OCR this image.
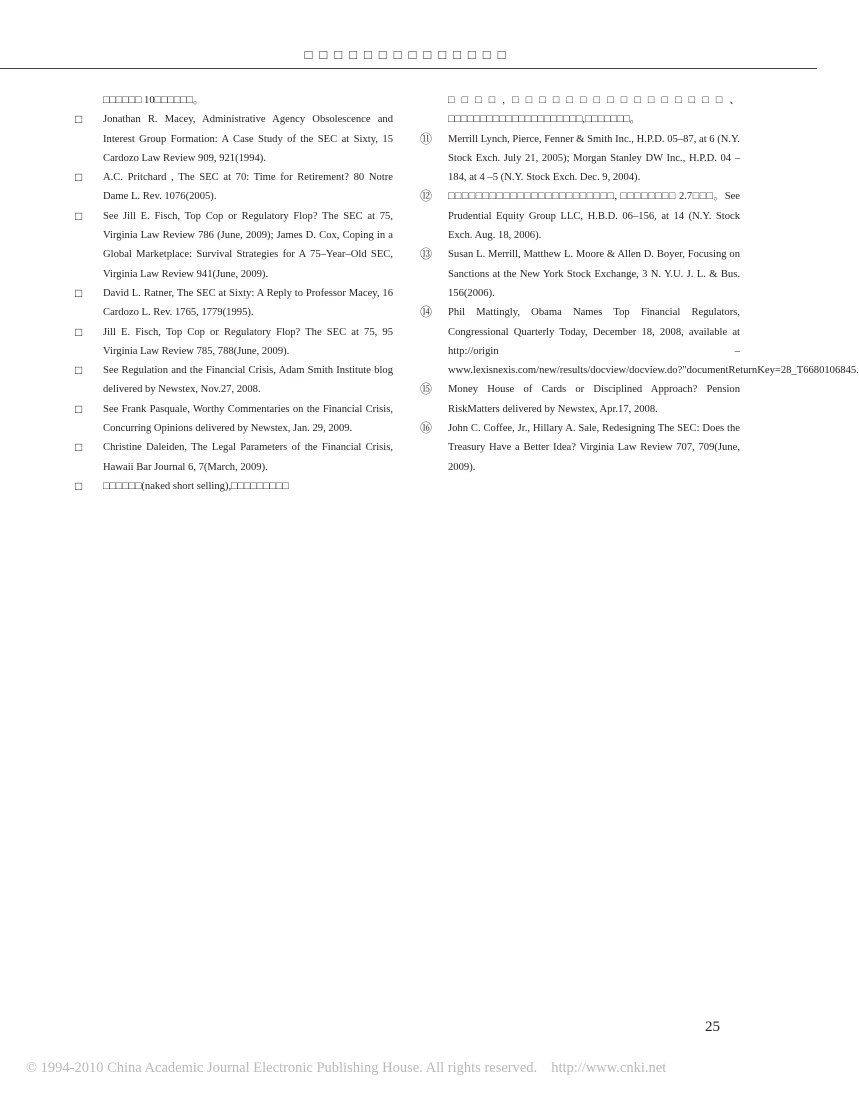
□□□□□□□□□□□□□□
□□□□□□ 10□□□□□□。
□	Jonathan R. Macey, Administrative Agency Obsolescence and Interest Group Formation: A Case Study of the SEC at Sixty, 15 Cardozo Law Review 909, 921(1994).
□	A.C. Pritchard , The SEC at 70: Time for Retirement? 80 Notre Dame L. Rev. 1076(2005).
□	See Jill E. Fisch, Top Cop or Regulatory Flop? The SEC at 75, Virginia Law Review 786 (June, 2009); James D. Cox, Coping in a Global Marketplace: Survival Strategies for A 75–Year–Old SEC, Virginia Law Review 941(June, 2009).
□	David L. Ratner, The SEC at Sixty: A Reply to Professor Macey, 16 Cardozo L. Rev. 1765, 1779(1995).
□	Jill E. Fisch, Top Cop or Regulatory Flop? The SEC at 75, 95 Virginia Law Review 785, 788(June, 2009).
□	See Regulation and the Financial Crisis, Adam Smith Institute blog delivered by Newstex, Nov.27, 2008.
□	See Frank Pasquale, Worthy Commentaries on the Financial Crisis, Concurring Opinions delivered by Newstex, Jan. 29, 2009.
□	Christine Daleiden, The Legal Parameters of the Financial Crisis, Hawaii Bar Journal 6, 7(March, 2009).
□	□□□□□□(naked short selling),□□□□□□□□□
□□□□,□□□□□□□□□□□□□□□□、□□□□□□□□□□□□□□□□□□□□□,□□□□□□□。
⑪	Merrill Lynch, Pierce, Fenner & Smith Inc., H.P.D. 05–87, at 6 (N.Y. Stock Exch. July 21, 2005); Morgan Stanley DW Inc., H.P.D. 04 –184, at 4 –5 (N.Y. Stock Exch. Dec. 9, 2004).
⑫	□□□□□□□□□□□□□□□□□□□□□□□□, □□□□□□□□ 2.7□□□。See Prudential Equity Group LLC, H.B.D. 06–156, at 14 (N.Y. Stock Exch. Aug. 18, 2006).
⑬	Susan L. Merrill, Matthew L. Moore & Allen D. Boyer, Focusing on Sanctions at the New York Stock Exchange, 3 N. Y.U. J. L. & Bus. 156(2006).
⑭	Phil Mattingly, Obama Names Top Financial Regulators, Congressional Quarterly Today, December 18, 2008, available at http://origin –www.lexisnexis.com/new/results/docview/docview.do?"documentReturnKey=28_T6680106845.
⑮	Money House of Cards or Disciplined Approach? Pension RiskMatters delivered by Newstex, Apr.17, 2008.
⑯	John C. Coffee, Jr., Hillary A. Sale, Redesigning The SEC: Does the Treasury Have a Better Idea? Virginia Law Review 707, 709(June, 2009).
25
© 1994-2010 China Academic Journal Electronic Publishing House. All rights reserved. http://www.cnki.net
